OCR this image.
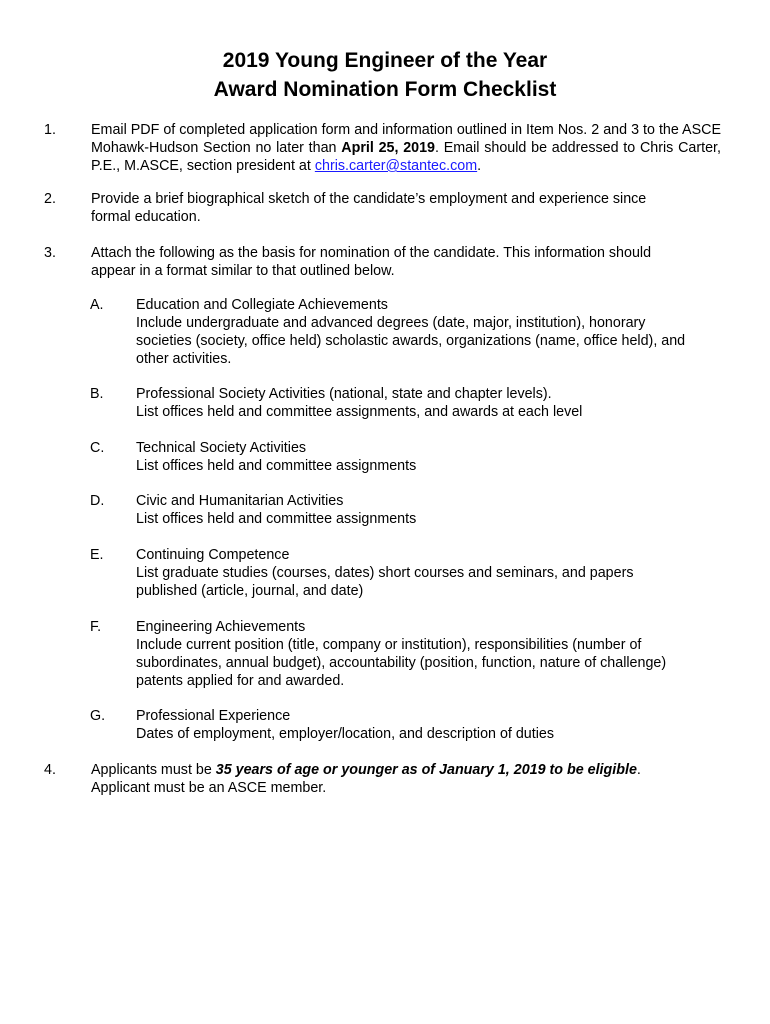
2019 Young Engineer of the Year
Award Nomination Form Checklist
1. Email PDF of completed application form and information outlined in Item Nos. 2 and 3 to the ASCE Mohawk-Hudson Section no later than April 25, 2019. Email should be addressed to Chris Carter, P.E., M.ASCE, section president at chris.carter@stantec.com.
2. Provide a brief biographical sketch of the candidate’s employment and experience since
formal education.
3. Attach the following as the basis for nomination of the candidate. This information should
appear in a format similar to that outlined below.
A. Education and Collegiate Achievements
Include undergraduate and advanced degrees (date, major, institution), honorary
societies (society, office held) scholastic awards, organizations (name, office held), and
other activities.
B. Professional Society Activities (national, state and chapter levels).
List offices held and committee assignments, and awards at each level
C. Technical Society Activities
List offices held and committee assignments
D. Civic and Humanitarian Activities
List offices held and committee assignments
E. Continuing Competence
List graduate studies (courses, dates) short courses and seminars, and papers
published (article, journal, and date)
F. Engineering Achievements
Include current position (title, company or institution), responsibilities (number of
subordinates, annual budget), accountability (position, function, nature of challenge)
patents applied for and awarded.
G. Professional Experience
Dates of employment, employer/location, and description of duties
4. Applicants must be 35 years of age or younger as of January 1, 2019 to be eligible.
Applicant must be an ASCE member.
